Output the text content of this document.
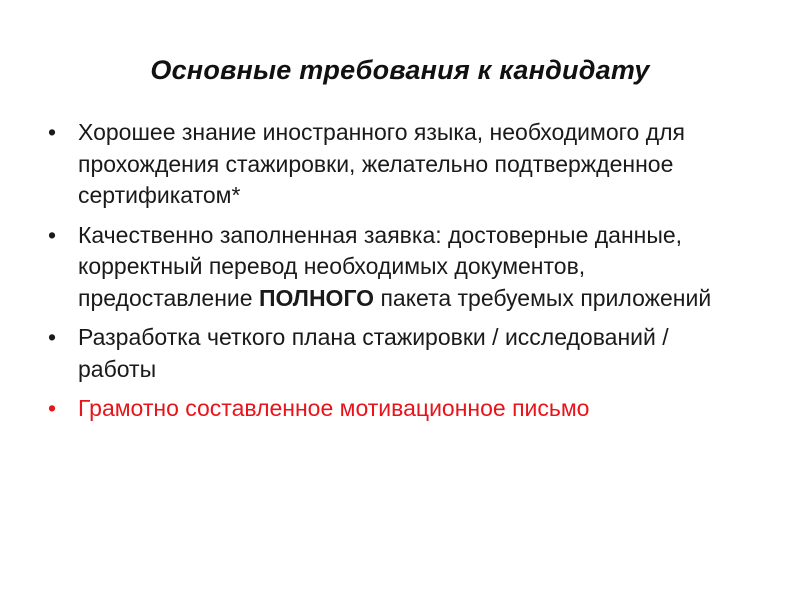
Основные требования к кандидату
• Хорошее знание иностранного языка, необходимого для прохождения стажировки, желательно подтвержденное сертификатом*
• Качественно заполненная заявка: достоверные данные, корректный перевод необходимых документов, предоставление ПОЛНОГО пакета требуемых приложений
• Разработка четкого плана стажировки / исследований / работы
• Грамотно составленное мотивационное письмо
